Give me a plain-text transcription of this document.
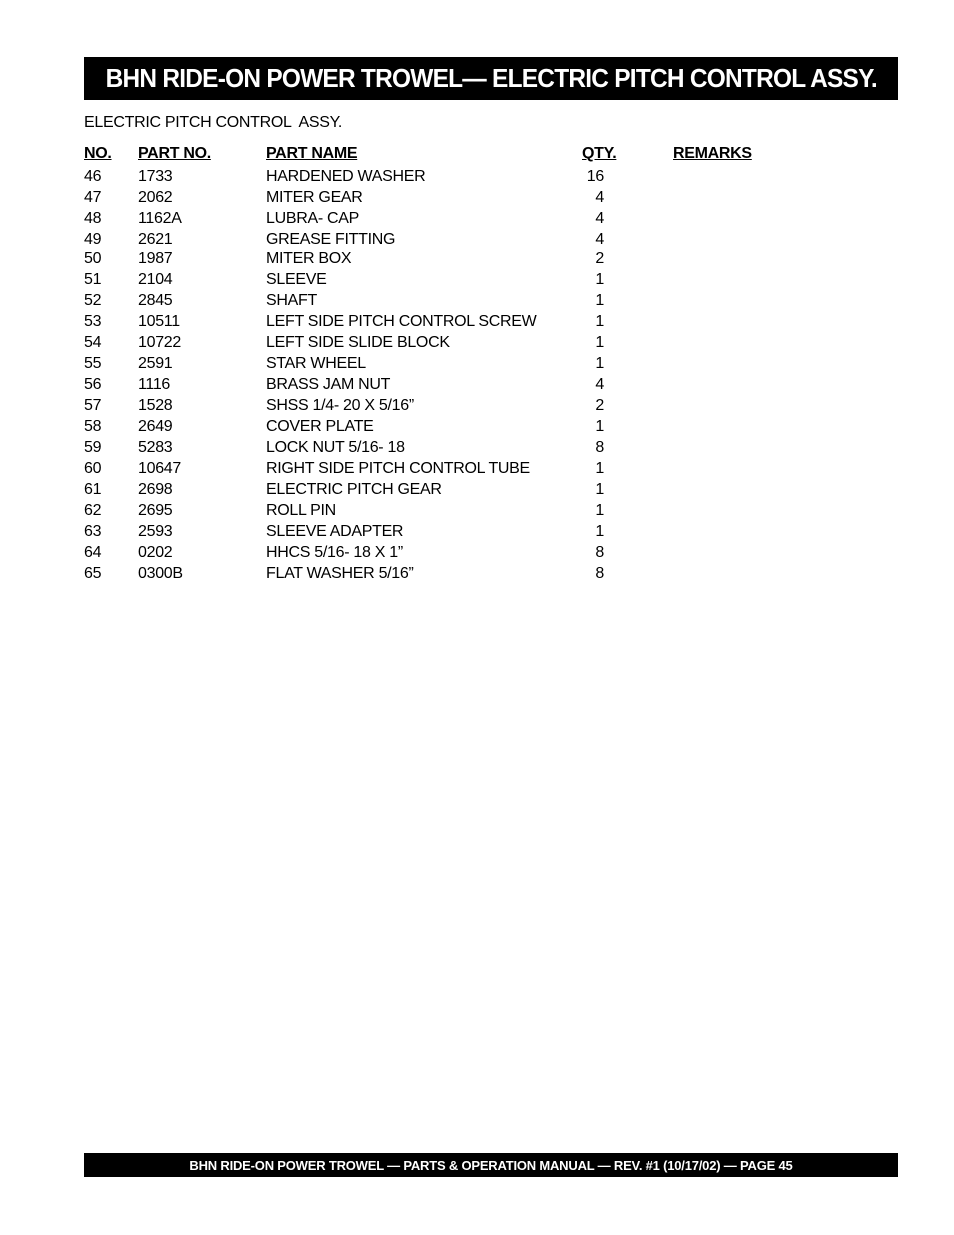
BHN RIDE-ON POWER TROWEL— ELECTRIC PITCH CONTROL ASSY.
ELECTRIC PITCH CONTROL  ASSY.
NO.	PART NO.	PART NAME	QTY.	REMARKS
46	1733	HARDENED WASHER	16
47	2062	MITER GEAR	4
48	1162A	LUBRA- CAP	4
49	2621	GREASE FITTING	4
50	1987	MITER BOX	2
51	2104	SLEEVE	1
52	2845	SHAFT	1
53	10511	LEFT SIDE PITCH CONTROL SCREW	1
54	10722	LEFT SIDE SLIDE BLOCK	1
55	2591	STAR WHEEL	1
56	1116	BRASS JAM NUT	4
57	1528	SHSS 1/4- 20 X 5/16”	2
58	2649	COVER PLATE	1
59	5283	LOCK NUT 5/16- 18	8
60	10647	RIGHT SIDE PITCH CONTROL TUBE	1
61	2698	ELECTRIC PITCH GEAR	1
62	2695	ROLL PIN	1
63	2593	SLEEVE ADAPTER	1
64	0202	HHCS 5/16- 18 X 1”	8
65	0300B	FLAT WASHER 5/16”	8
BHN RIDE-ON POWER TROWEL — PARTS & OPERATION MANUAL — REV. #1 (10/17/02) — PAGE 45
